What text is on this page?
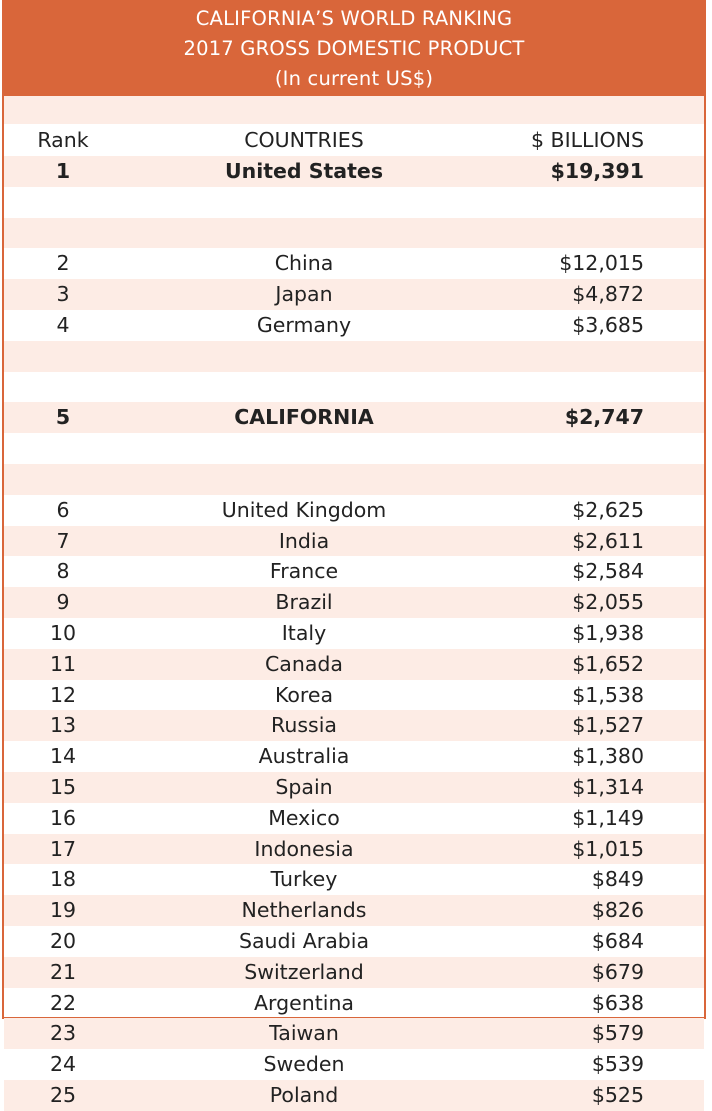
CALIFORNIA’S WORLD RANKING
2017 GROSS DOMESTIC PRODUCT
(In current US$)
Rank	COUNTRIES	$ BILLIONS
1	United States	$19,391
2	China	$12,015
3	Japan	$4,872
4	Germany	$3,685
5	CALIFORNIA	$2,747
6	United Kingdom	$2,625
7	India	$2,611
8	France	$2,584
9	Brazil	$2,055
10	Italy	$1,938
11	Canada	$1,652
12	Korea	$1,538
13	Russia	$1,527
14	Australia	$1,380
15	Spain	$1,314
16	Mexico	$1,149
17	Indonesia	$1,015
18	Turkey	$849
19	Netherlands	$826
20	Saudi Arabia	$684
21	Switzerland	$679
22	Argentina	$638
23	Taiwan	$579
24	Sweden	$539
25	Poland	$525
